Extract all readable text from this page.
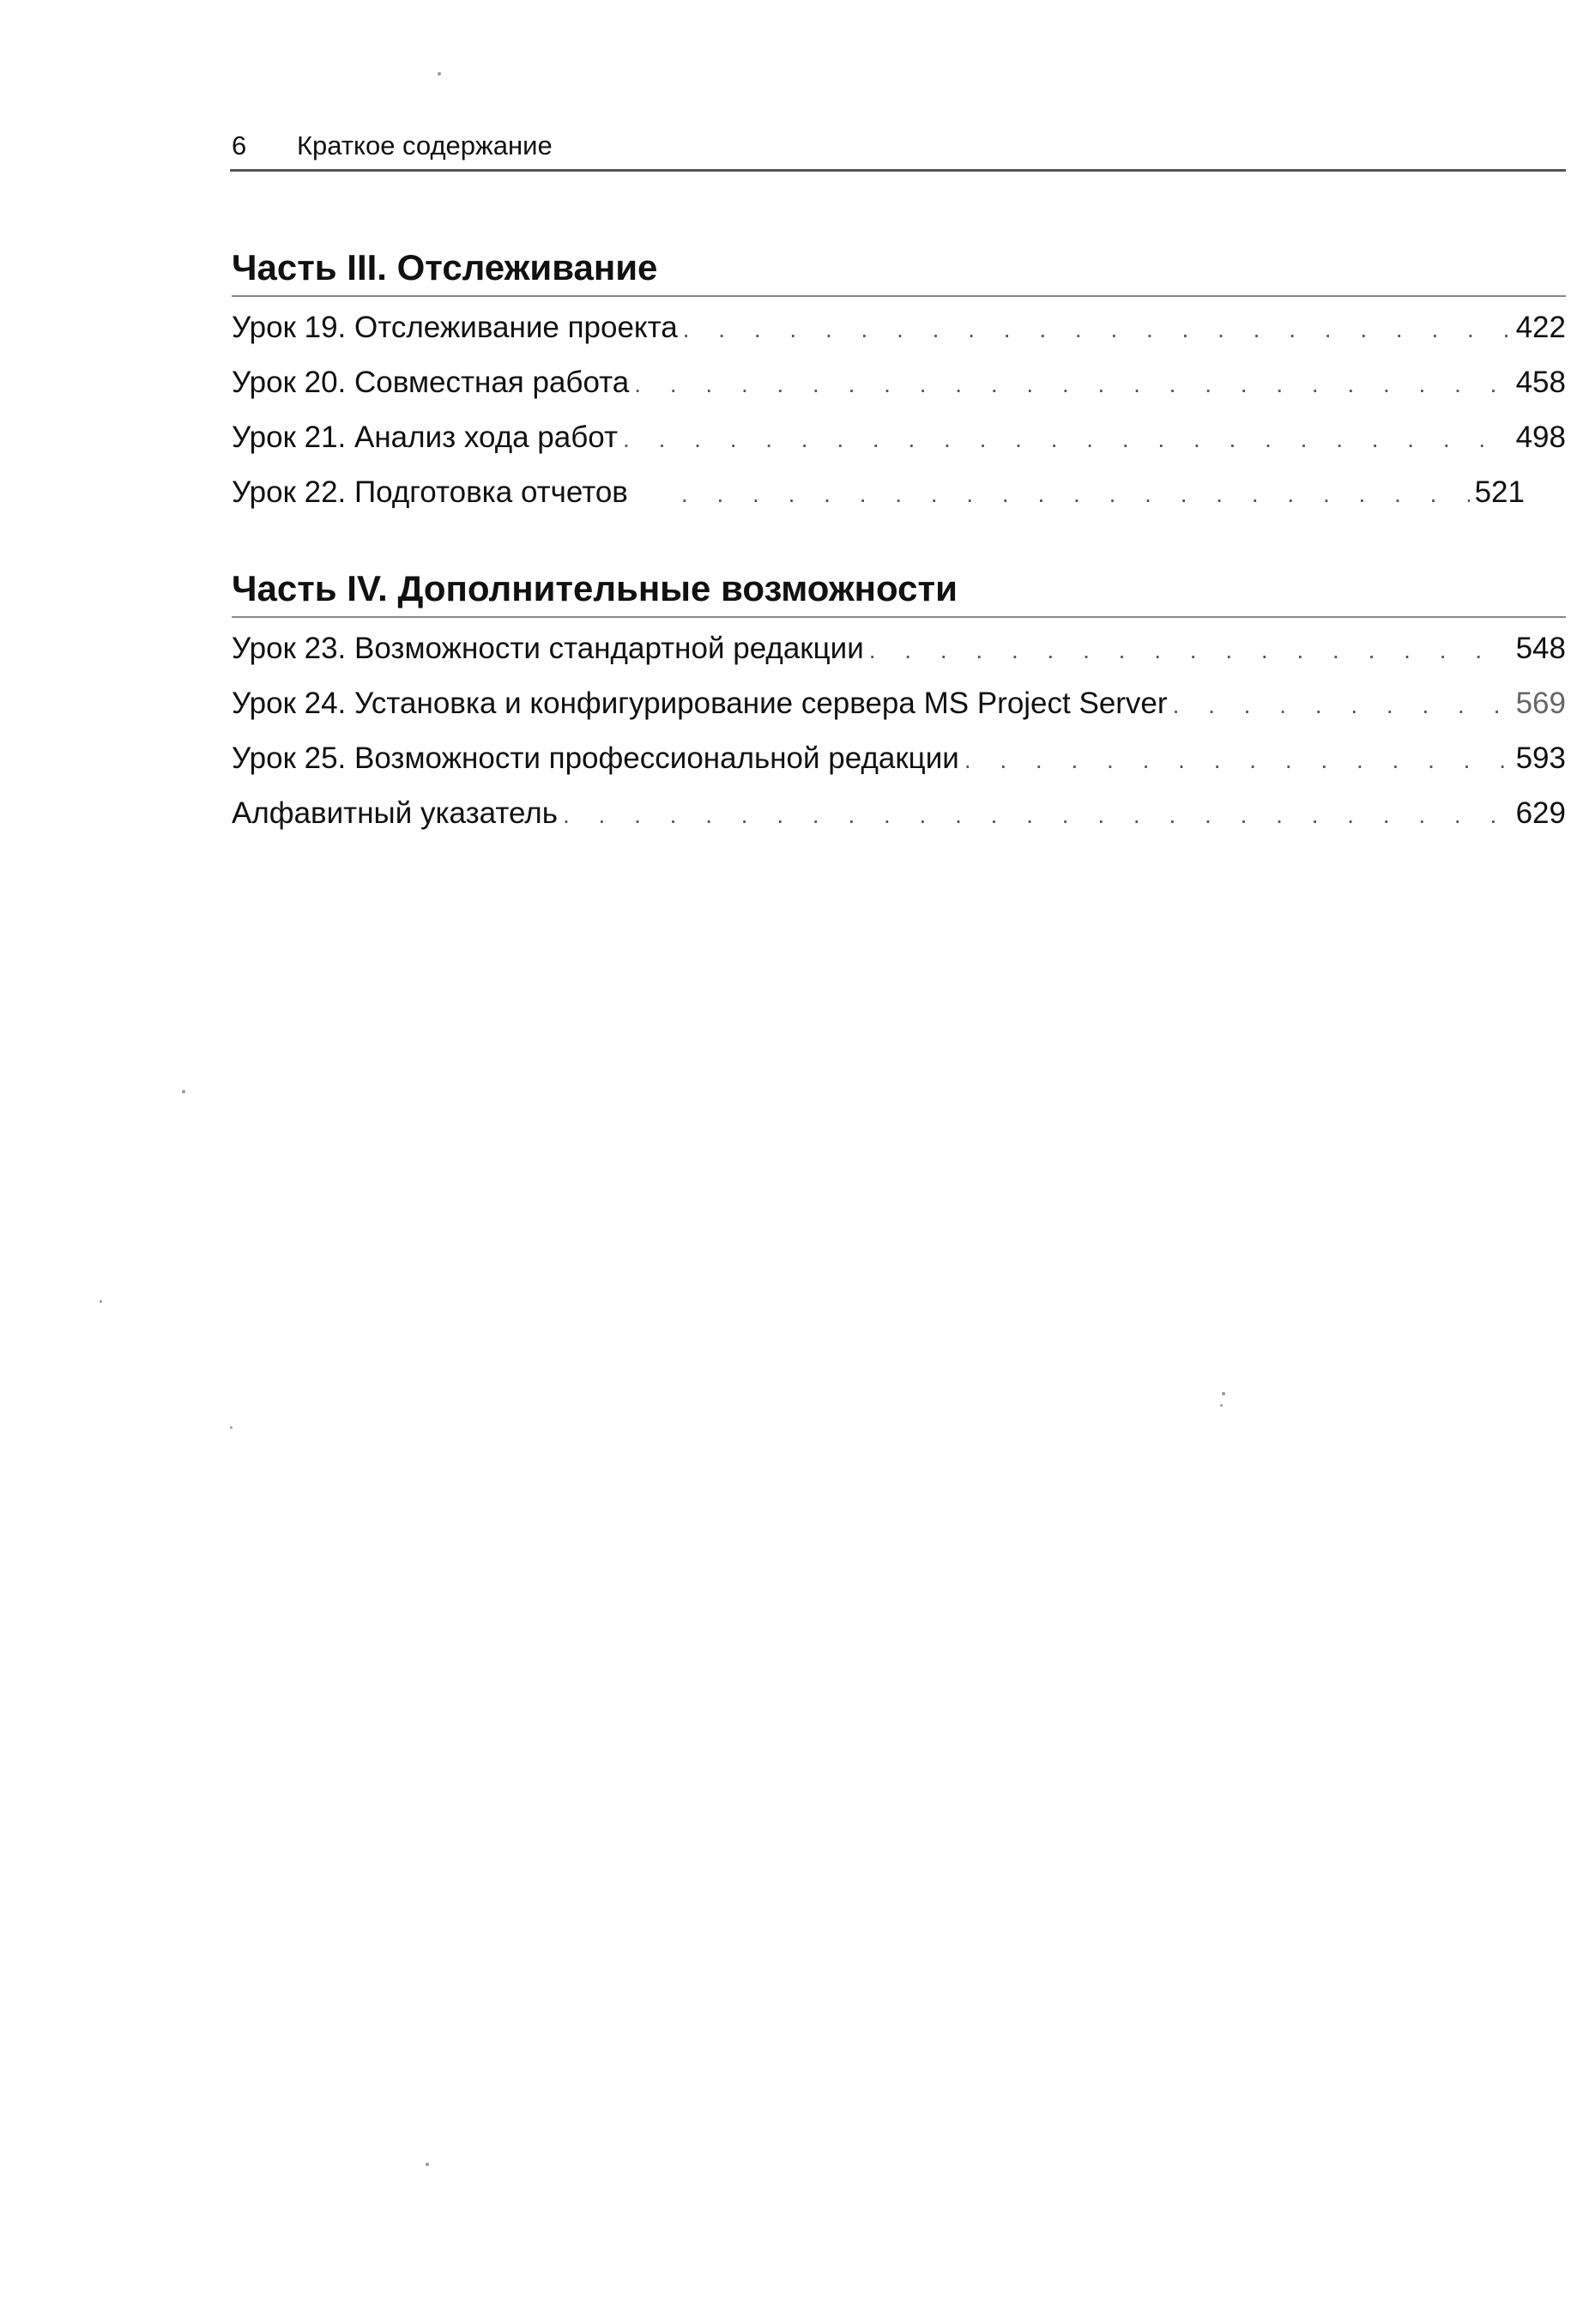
6	Краткое содержание
Часть III. Отслеживание
Урок 19. Отслеживание проекта . . .	422
Урок 20. Совместная работа . . .	458
Урок 21. Анализ хода работ . . .	498
Урок 22. Подготовка отчетов . . .	521
Часть IV. Дополнительные возможности
Урок 23. Возможности стандартной редакции . . .	548
Урок 24. Установка и конфигурирование сервера MS Project Server . . .	569
Урок 25. Возможности профессиональной редакции . . .	593
Алфавитный указатель . . .	629
